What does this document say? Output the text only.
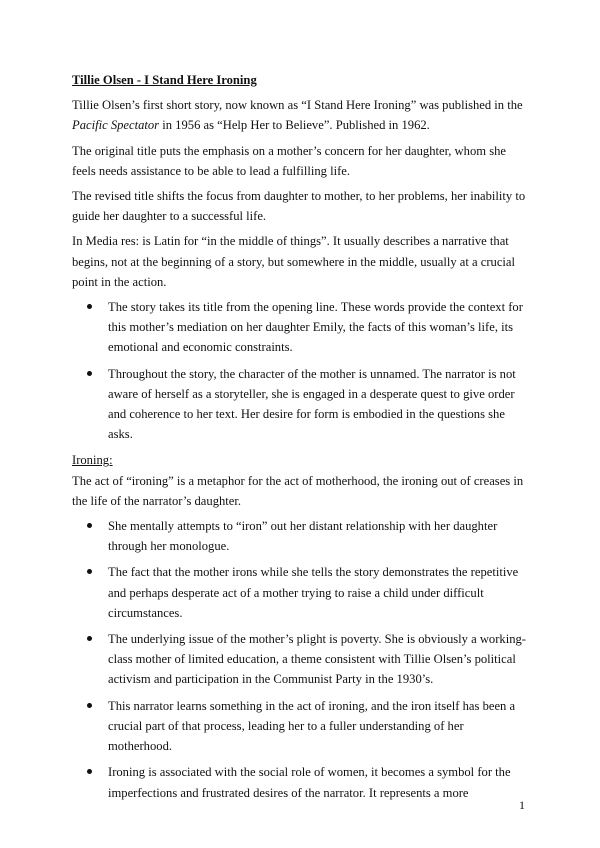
Tillie Olsen - I Stand Here Ironing

Tillie Olsen’s first short story, now known as “I Stand Here Ironing” was published in the Pacific Spectator in 1956 as “Help Her to Believe”. Published in 1962.

The original title puts the emphasis on a mother’s concern for her daughter, whom she feels needs assistance to be able to lead a fulfilling life.

The revised title shifts the focus from daughter to mother, to her problems, her inability to guide her daughter to a successful life.

In Media res: is Latin for “in the middle of things”. It usually describes a narrative that begins, not at the beginning of a story, but somewhere in the middle, usually at a crucial point in the action.

The story takes its title from the opening line. These words provide the context for this mother’s mediation on her daughter Emily, the facts of this woman’s life, its emotional and economic constraints.
Throughout the story, the character of the mother is unnamed. The narrator is not aware of herself as a storyteller, she is engaged in a desperate quest to give order and coherence to her text. Her desire for form is embodied in the questions she asks.

Ironing:

The act of “ironing” is a metaphor for the act of motherhood, the ironing out of creases in the life of the narrator’s daughter.

She mentally attempts to “iron” out her distant relationship with her daughter through her monologue.
The fact that the mother irons while she tells the story demonstrates the repetitive and perhaps desperate act of a mother trying to raise a child under difficult circumstances.
The underlying issue of the mother’s plight is poverty. She is obviously a working-class mother of limited education, a theme consistent with Tillie Olsen’s political activism and participation in the Communist Party in the 1930’s.
This narrator learns something in the act of ironing, and the iron itself has been a crucial part of that process, leading her to a fuller understanding of her motherhood.
Ironing is associated with the social role of women, it becomes a symbol for the imperfections and frustrated desires of the narrator. It represents a more
1
